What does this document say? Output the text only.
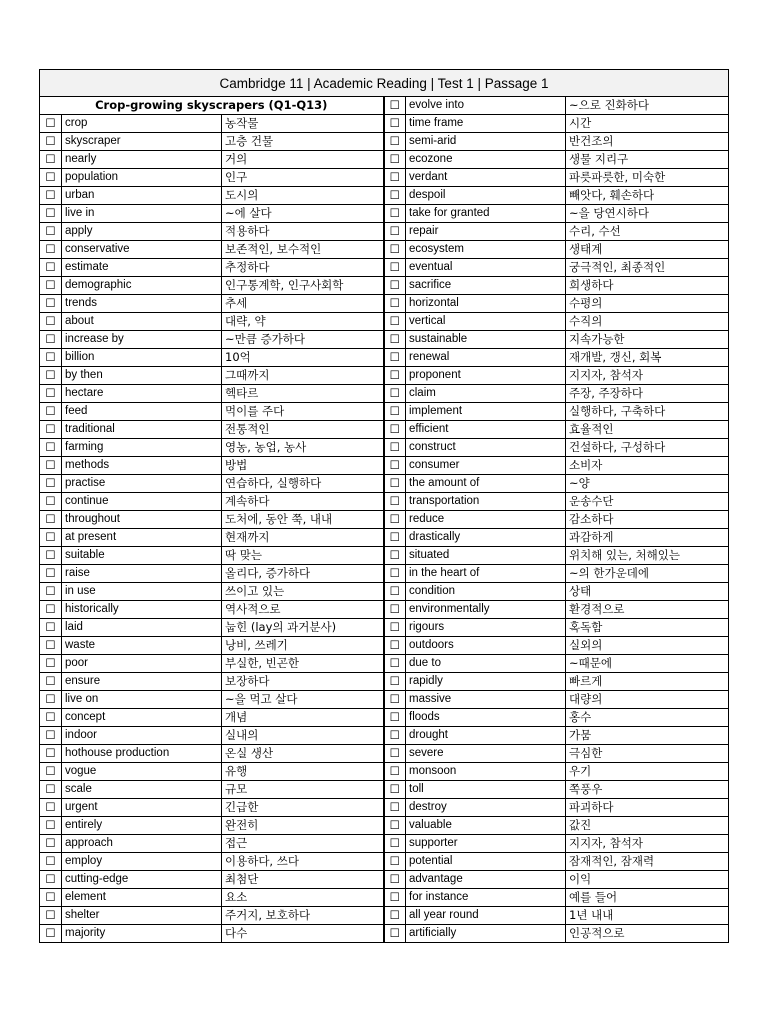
Cambridge 11 | Academic Reading | Test 1 | Passage 1					
Crop-growing skyscrapers (Q1-Q13)			☐	evolve into	~으로 진화하다
☐	crop	농작물	☐	time frame	시간
☐	skyscraper	고층 건물	☐	semi-arid	반건조의
☐	nearly	거의	☐	ecozone	생물 지리구
☐	population	인구	☐	verdant	파릇파릇한, 미숙한
☐	urban	도시의	☐	despoil	빼앗다, 훼손하다
☐	live in	~에 살다	☐	take for granted	~을 당연시하다
☐	apply	적용하다	☐	repair	수리, 수선
☐	conservative	보존적인, 보수적인	☐	ecosystem	생태계
☐	estimate	추정하다	☐	eventual	궁극적인, 최종적인
☐	demographic	인구통계학, 인구사회학	☐	sacrifice	희생하다
☐	trends	추세	☐	horizontal	수평의
☐	about	대략, 약	☐	vertical	수직의
☐	increase by	~만큼 증가하다	☐	sustainable	지속가능한
☐	billion	10억	☐	renewal	재개발, 갱신, 회복
☐	by then	그때까지	☐	proponent	지지자, 참석자
☐	hectare	헥타르	☐	claim	주장, 주장하다
☐	feed	먹이를 주다	☐	implement	실행하다, 구축하다
☐	traditional	전통적인	☐	efficient	효율적인
☐	farming	영농, 농업, 농사	☐	construct	건설하다, 구성하다
☐	methods	방법	☐	consumer	소비자
☐	practise	연습하다, 실행하다	☐	the amount of	~양
☐	continue	계속하다	☐	transportation	운송수단
☐	throughout	도처에, 동안 쭉, 내내	☐	reduce	감소하다
☐	at present	현재까지	☐	drastically	과감하게
☐	suitable	딱 맞는	☐	situated	위치해 있는, 처해있는
☐	raise	올리다, 증가하다	☐	in the heart of	~의 한가운데에
☐	in use	쓰이고 있는	☐	condition	상태
☐	historically	역사적으로	☐	environmentally	환경적으로
☐	laid	눕힌 (lay의 과거분사)	☐	rigours	혹독함
☐	waste	낭비, 쓰레기	☐	outdoors	실외의
☐	poor	부실한, 빈곤한	☐	due to	~때문에
☐	ensure	보장하다	☐	rapidly	빠르게
☐	live on	~을 먹고 살다	☐	massive	대량의
☐	concept	개념	☐	floods	홍수
☐	indoor	실내의	☐	drought	가뭄
☐	hothouse production	온실 생산	☐	severe	극심한
☐	vogue	유행	☐	monsoon	우기
☐	scale	규모	☐	toll	쪽풍우
☐	urgent	긴급한	☐	destroy	파괴하다
☐	entirely	완전히	☐	valuable	값진
☐	approach	접근	☐	supporter	지지자, 참석자
☐	employ	이용하다, 쓰다	☐	potential	잠재적인, 잠재력
☐	cutting-edge	최첨단	☐	advantage	이익
☐	element	요소	☐	for instance	예를 들어
☐	shelter	주거지, 보호하다	☐	all year round	1년 내내
☐	majority	다수	☐	artificially	인공적으로
